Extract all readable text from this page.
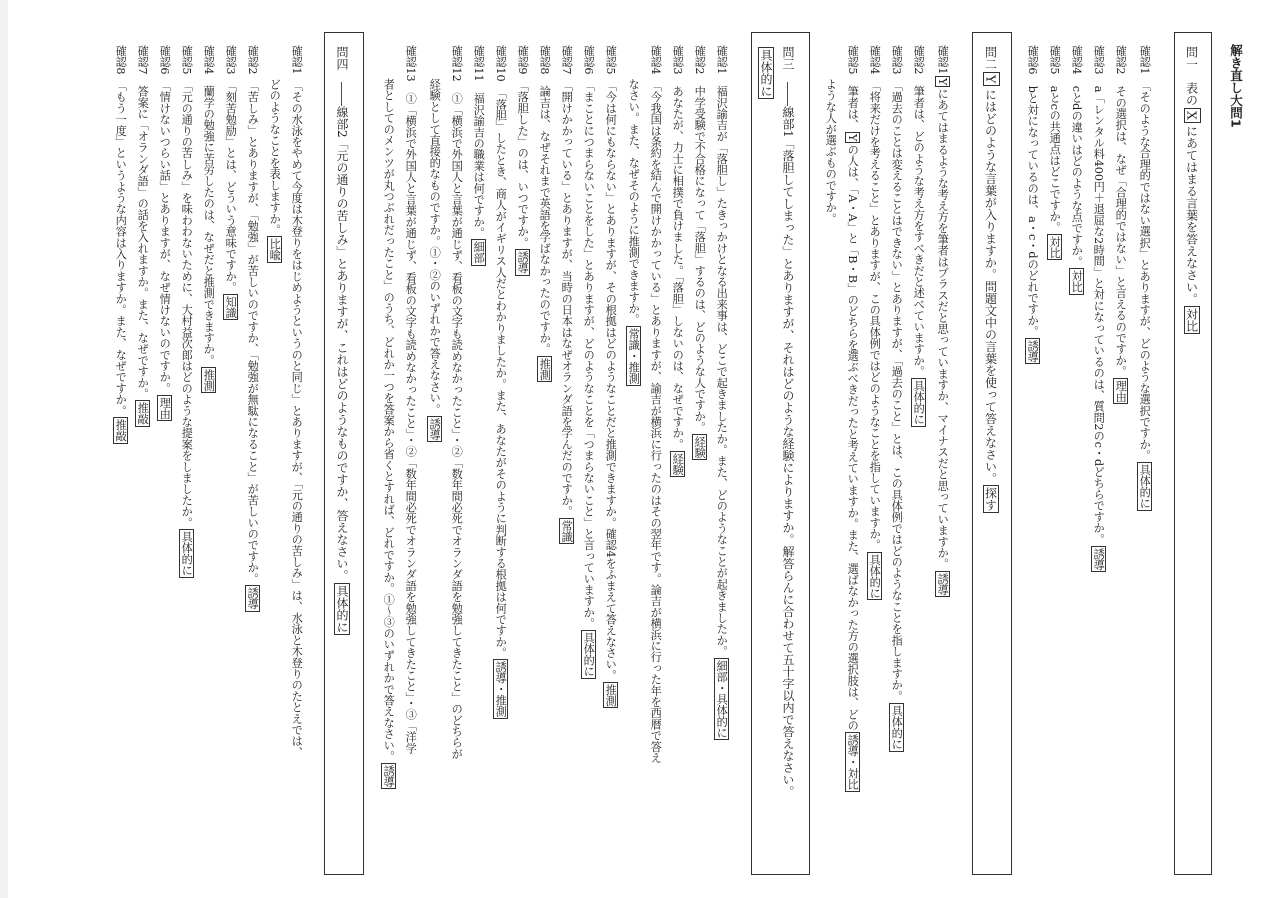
解き直し大問1
問一　表のXにあてはまる言葉を答えなさい。対比
確認1　「そのような合理的ではない選択」とありますが、どのような選択ですか。具体的に
確認2　その選択は、なぜ「合理的ではない」と言えるのですか。理由
確認3　a「レンタル料400円＋退屈な2時間」と対になっているのは、質問2のc・dどちらですか。誘導
確認4　cとdの違いはどのような点ですか。対比
確認5　aとcの共通点はどこですか。対比
確認6　bと対になっているのは、a・c・dのどれですか。誘導
問二Yにはどのような言葉が入りますか。問題文中の言葉を使って答えなさい。探す
確認1Yにあてはまるような考え方を筆者はプラスだと思っていますか、マイナスだと思っていますか。誘導
確認2　筆者は、どのような考え方をすべきだと述べていますか。具体的に
確認3　「過去のことは変えることはできない」とありますが、「過去のこと」とは、この具体例ではどのようなことを指しますか。具体的に
確認4　「将来だけを考えること」とありますが、この具体例ではどのようなことを指していますか。具体的に
確認5　筆者は、Yの人は、「A・A」と「B・B」のどちらを選ぶべきだったと考えていますか。また、選ばなかった方の選択肢は、どの誘導・対比
　　　ような人が選ぶものですか。
問三　――線部1「落胆してしまった」とありますが、それはどのような経験によりますか。解答らんに合わせて五十字以内で答えなさい。
具体的に
確認1　福沢諭吉が「落胆し」たきっかけとなる出来事は、どこで起きましたか。また、どのようなことが起きましたか。細部・具体的に
確認2　中学受験で不合格になって「落胆」するのは、どのような人ですか。経験
確認3　あなたが、力士に相撲で負けました。「落胆」しないのは、なぜですか。経験
確認4　「今我国は条約を結んで開けかかっている」とありますが、諭吉が横浜に行ったのはその翌年です。論吉が横浜に行った年を西暦で答え
　　　なさい。また、なぜそのように推測できますか。常識・推測
確認5　「今は何にもならない」とありますが、その根拠はどのようなことだと推測できますか。確認4をふまえて答えなさい。推測
確認6　「まことにつまらないことをした」とありますが、どのようなことを「つまらないこと」と言っていますか。具体的に
確認7　「開けかかっている」とありますが、当時の日本はなぜオランダ語を学んだのですか。常識
確認8　論吉は、なぜそれまで英語を学ばなかったのですか。推測
確認9　「落胆した」のは、いつですか。誘導
確認10　「落胆」したとき、商人がイギリス人だとわかりましたか。また、あなたがそのように判断する根拠は何ですか。誘導・推測
確認11　福沢諭吉の職業は何ですか。細部
確認12　①「横浜で外国人と言葉が通じず、看板の文字も読めなかったこと」・②「数年間必死でオランダ語を勉強してきたこと」のどちらが
　　　経験として直接的なものですか。①・②のいずれかで答えなさい。誘導
確認13　①「横浜で外国人と言葉が通じず、看板の文字も読めなかったこと」・②「数年間必死でオランダ語を勉強してきたこと」・③「洋学
　　　者としてのメンツが丸つぶれだったこと」のうち、どれか一つを答案から省くとすれば、どれですか。①〜③のいずれかで答えなさい。誘導
問四　――線部2「元の通りの苦しみ」とありますが、これはどのようなものですか、答えなさい。具体的に
確認1　「その水泳をやめて今度は木登りをはじめようというのと同じ」とありますが、「元の通りの苦しみ」は、水泳と木登りのたとえでは、
　　　どのようなことを表しますか。比喩
確認2　「苦しみ」とありますが、「勉強」が苦しいのですか、「勉強が無駄になること」が苦しいのですか。誘導
確認3　「刻苦勉励」とは、どういう意味ですか。知識
確認4　蘭学の勉強に苦労したのは、なぜだと推測できますか。推測
確認5　「元の通りの苦しみ」を味わわないために、大村益次郎はどのような提案をしましたか。具体的に
確認6　「情けないつらい話」とありますが、なぜ情けないのですか。理由
確認7　答案に「オランダ語」の話を入れますか。また、なぜですか。推敲
確認8　「もう一度」というような内容は入りますか。また、なぜですか。推敲
